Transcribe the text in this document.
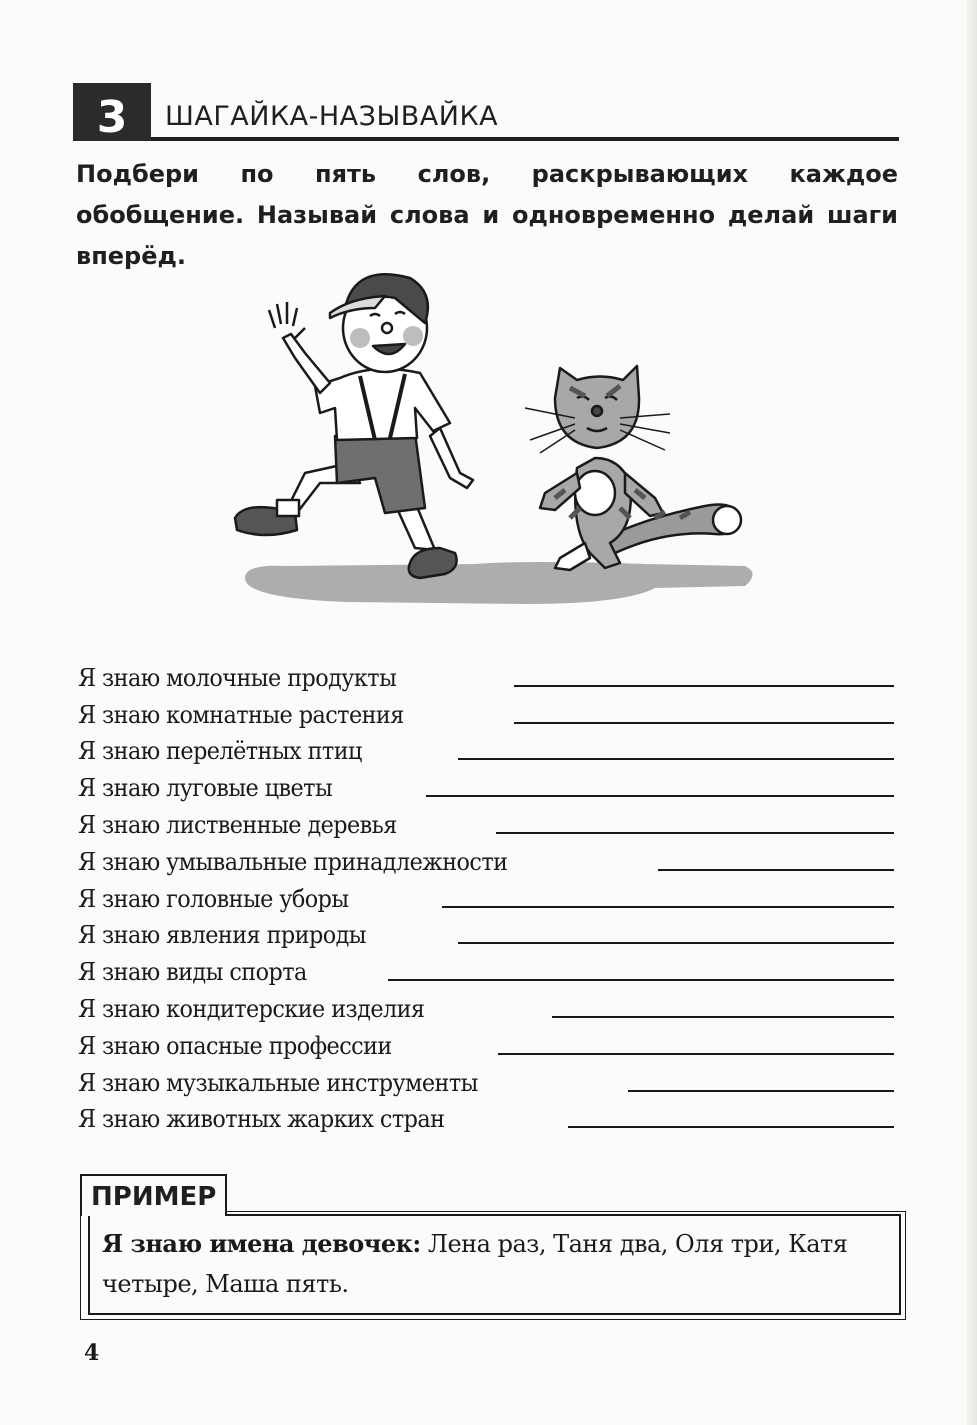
3	ШАГАЙКА-НАЗЫВАЙКА
Подбери по пять слов, раскрывающих каждое обобщение. Называй слова и одновременно делай шаги вперёд.
Я знаю молочные продукты
Я знаю комнатные растения
Я знаю перелётных птиц
Я знаю луговые цветы
Я знаю лиственные деревья
Я знаю умывальные принадлежности
Я знаю головные уборы
Я знаю явления природы
Я знаю виды спорта
Я знаю кондитерские изделия
Я знаю опасные профессии
Я знаю музыкальные инструменты
Я знаю животных жарких стран
ПРИМЕР
Я знаю имена девочек: Лена раз, Таня два, Оля три, Катя четыре, Маша пять.
4
